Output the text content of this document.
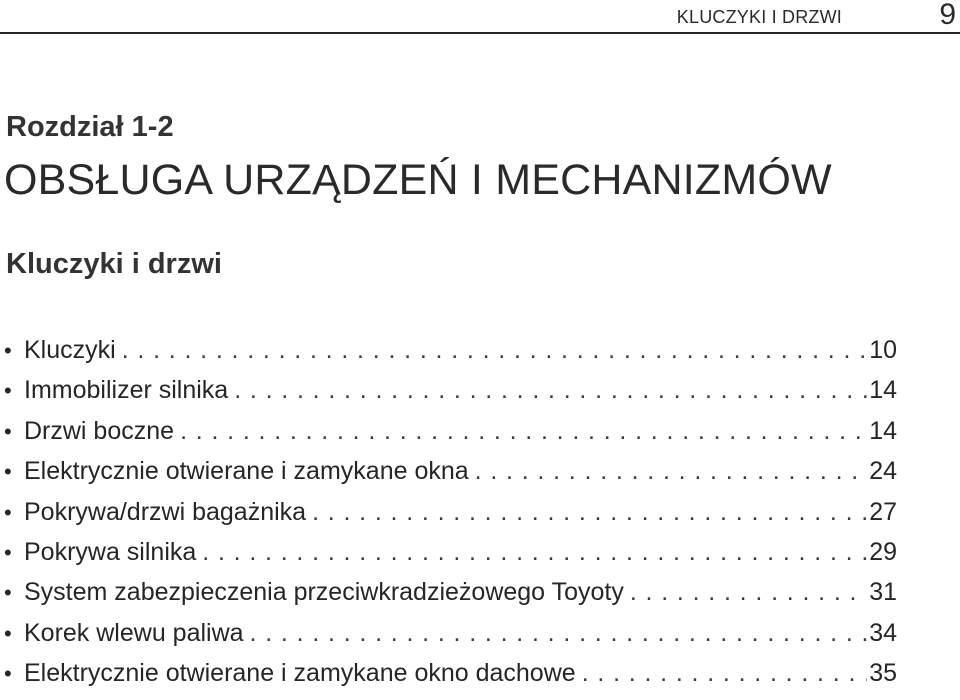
KLUCZYKI I DRZWI	9
Rozdział 1-2
OBSŁUGA URZĄDZEŃ I MECHANIZMÓW
Kluczyki i drzwi
• Kluczyki . . .	10
• Immobilizer silnika . . .	14
• Drzwi boczne . . .	14
• Elektrycznie otwierane i zamykane okna . . .	24
• Pokrywa/drzwi bagażnika . . .	27
• Pokrywa silnika . . .	29
• System zabezpieczenia przeciwkradzieżowego Toyoty . . .	31
• Korek wlewu paliwa . . .	34
• Elektrycznie otwierane i zamykane okno dachowe . . .	35
